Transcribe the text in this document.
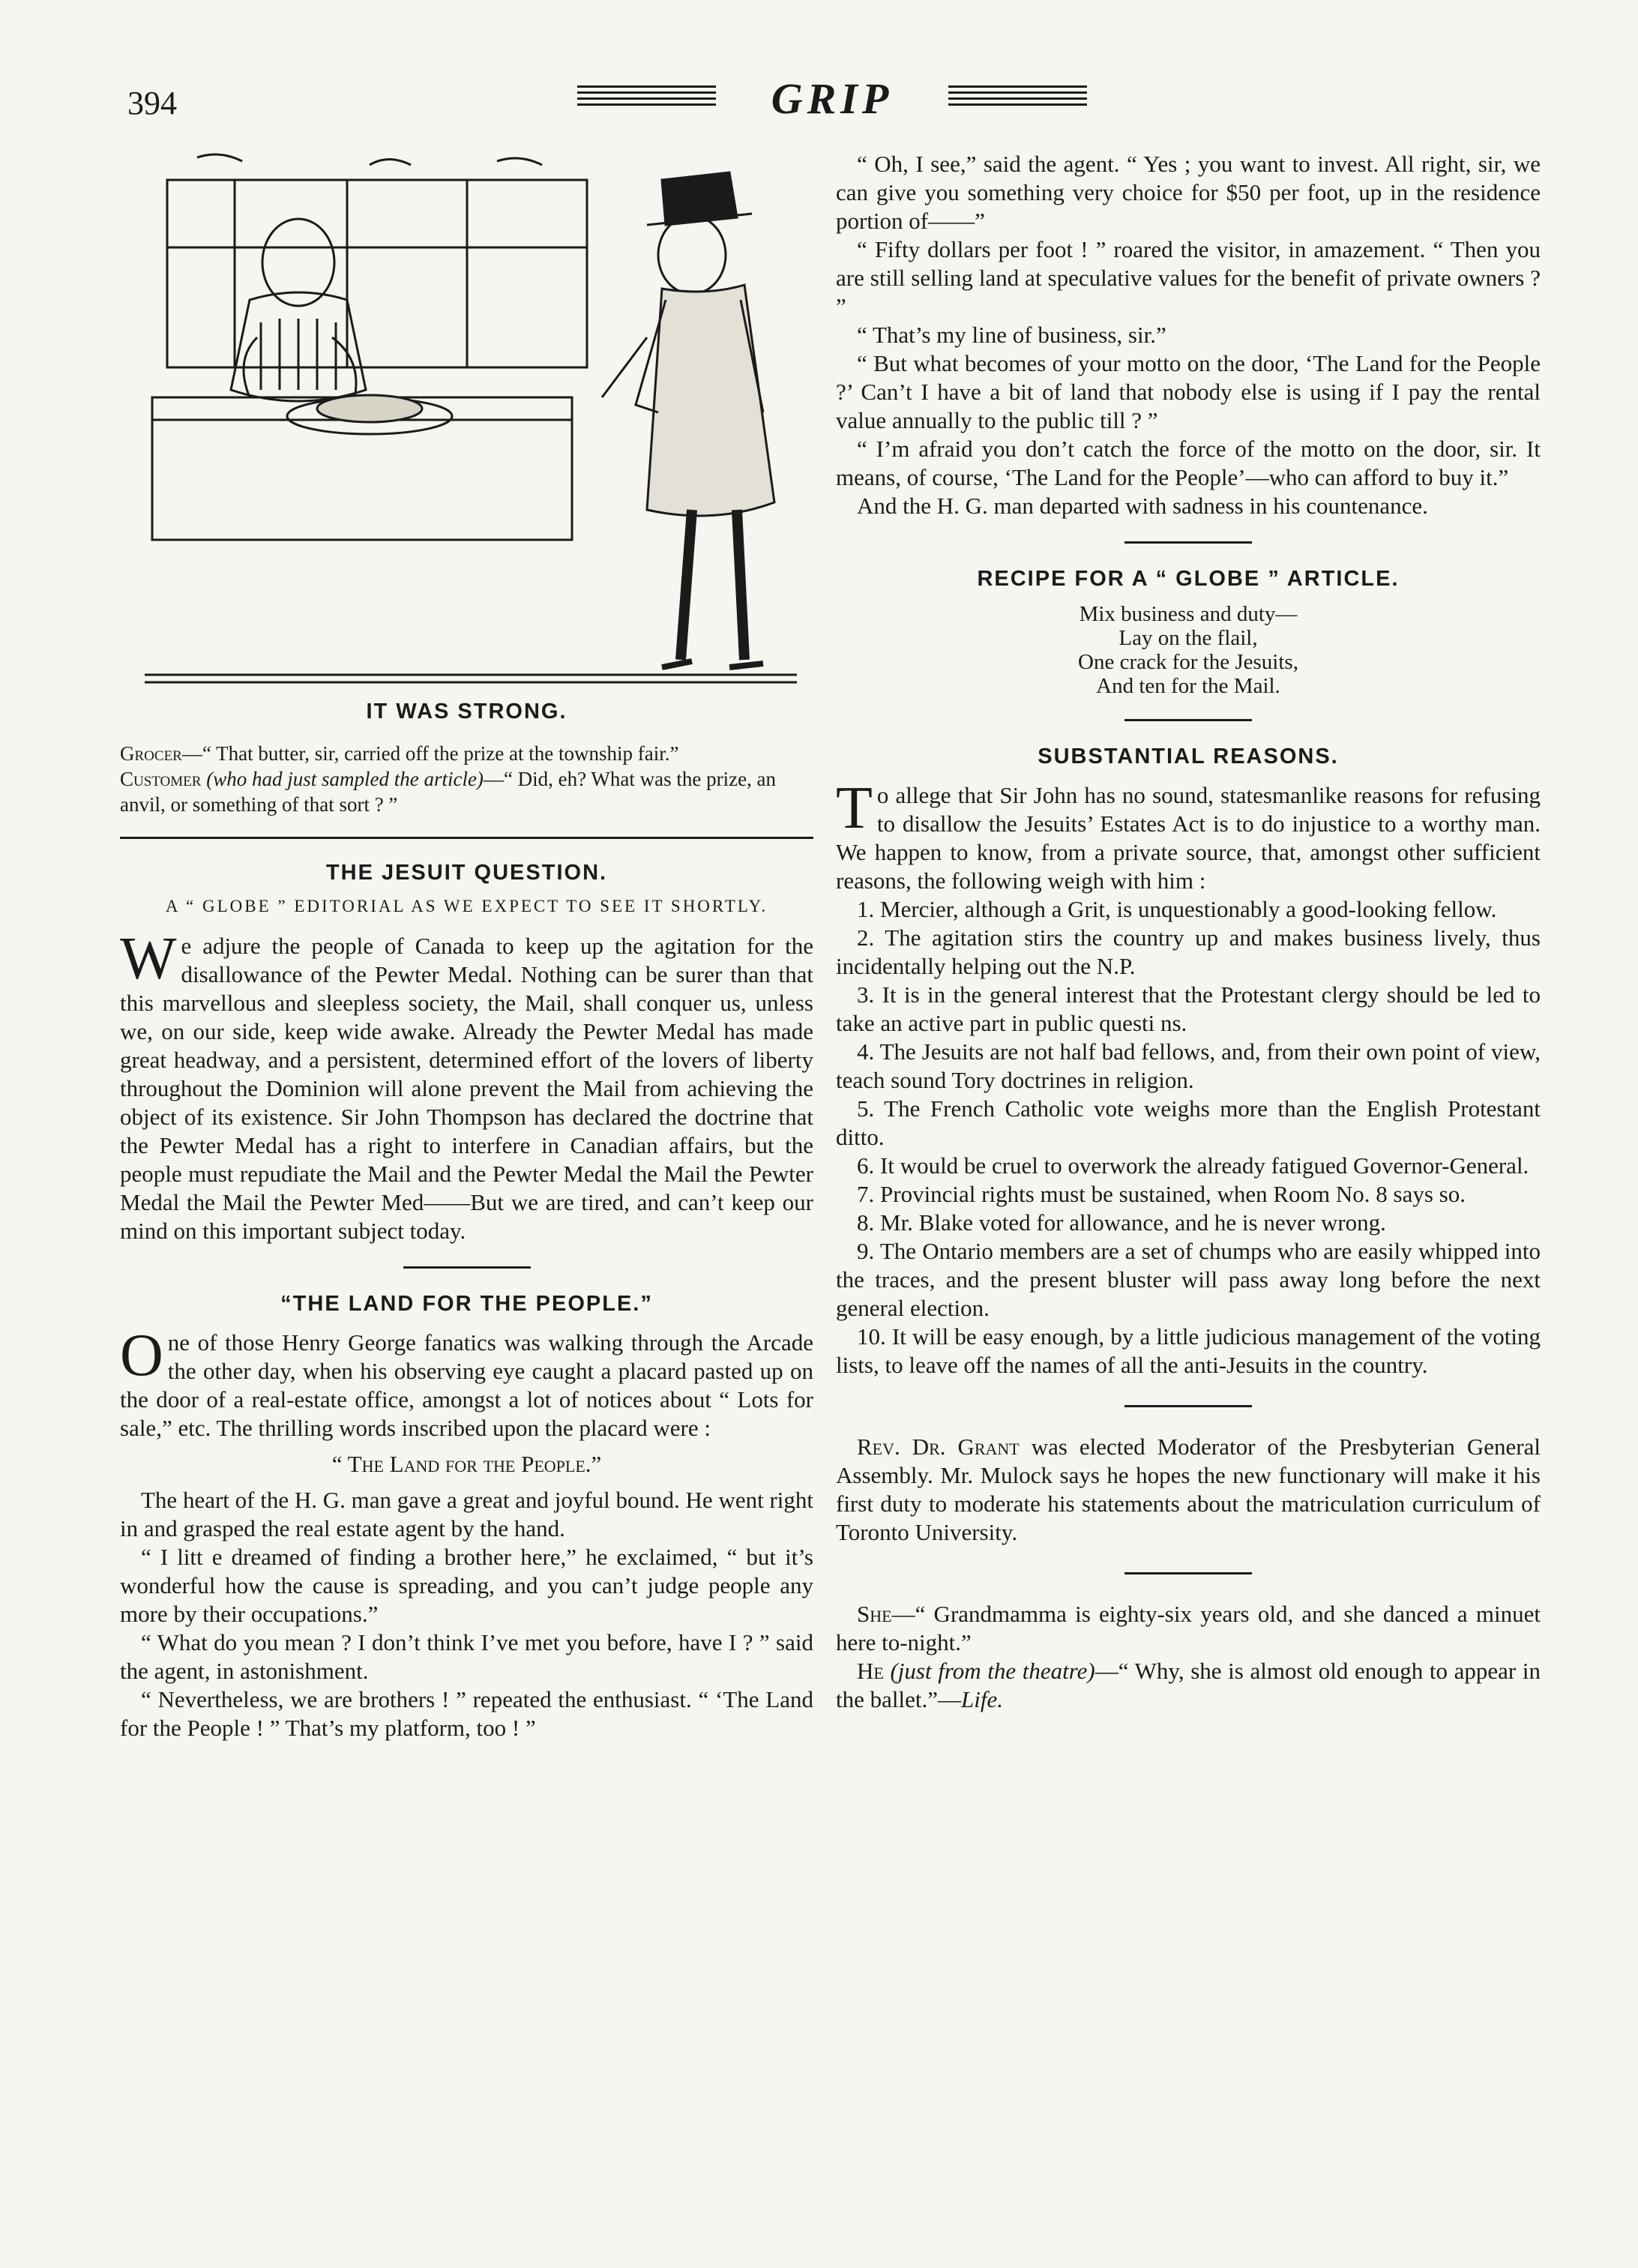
394	GRIP

IT WAS STRONG.

Grocer—“ That butter, sir, carried off the prize at the township fair.”

Customer (who had just sampled the article)—“ Did, eh? What was the prize, an anvil, or something of that sort ? ”

THE JESUIT QUESTION.

A “ GLOBE ” EDITORIAL AS WE EXPECT TO SEE IT SHORTLY.

We adjure the people of Canada to keep up the agitation for the disallowance of the Pewter Medal. Nothing can be surer than that this marvellous and sleepless society, the Mail, shall conquer us, unless we, on our side, keep wide awake. Already the Pewter Medal has made great headway, and a persistent, determined effort of the lovers of liberty throughout the Dominion will alone prevent the Mail from achieving the object of its existence. Sir John Thompson has declared the doctrine that the Pewter Medal has a right to interfere in Canadian affairs, but the people must repudiate the Mail and the Pewter Medal the Mail the Pewter Medal the Mail the Pewter Med——But we are tired, and can’t keep our mind on this important subject today.

“THE LAND FOR THE PEOPLE.”

One of those Henry George fanatics was walking through the Arcade the other day, when his observing eye caught a placard pasted up on the door of a real-estate office, amongst a lot of notices about “ Lots for sale,” etc. The thrilling words inscribed upon the placard were :

“ The Land for the People.”

The heart of the H. G. man gave a great and joyful bound. He went right in and grasped the real estate agent by the hand.

“ I litt e dreamed of finding a brother here,” he exclaimed, “ but it’s wonderful how the cause is spreading, and you can’t judge people any more by their occupations.”

“ What do you mean ? I don’t think I’ve met you before, have I ? ” said the agent, in astonishment.

“ Nevertheless, we are brothers ! ” repeated the enthusiast. “ ‘The Land for the People ! ” That’s my platform, too ! ”

“ Oh, I see,” said the agent. “ Yes ; you want to invest. All right, sir, we can give you something very choice for $50 per foot, up in the residence portion of——”

“ Fifty dollars per foot ! ” roared the visitor, in amazement. “ Then you are still selling land at speculative values for the benefit of private owners ? ”

“ That’s my line of business, sir.”

“ But what becomes of your motto on the door, ‘The Land for the People ?’ Can’t I have a bit of land that nobody else is using if I pay the rental value annually to the public till ? ”

“ I’m afraid you don’t catch the force of the motto on the door, sir. It means, of course, ‘The Land for the People’—who can afford to buy it.”

And the H. G. man departed with sadness in his countenance.

RECIPE FOR A “ GLOBE ” ARTICLE.

Mix business and duty—

Lay on the flail,

One crack for the Jesuits,

And ten for the Mail.

SUBSTANTIAL REASONS.

To allege that Sir John has no sound, statesmanlike reasons for refusing to disallow the Jesuits’ Estates Act is to do injustice to a worthy man. We happen to know, from a private source, that, amongst other sufficient reasons, the following weigh with him :

1. Mercier, although a Grit, is unquestionably a good-looking fellow.

2. The agitation stirs the country up and makes business lively, thus incidentally helping out the N.P.

3. It is in the general interest that the Protestant clergy should be led to take an active part in public questi ns.

4. The Jesuits are not half bad fellows, and, from their own point of view, teach sound Tory doctrines in religion.

5. The French Catholic vote weighs more than the English Protestant ditto.

6. It would be cruel to overwork the already fatigued Governor-General.

7. Provincial rights must be sustained, when Room No. 8 says so.

8. Mr. Blake voted for allowance, and he is never wrong.

9. The Ontario members are a set of chumps who are easily whipped into the traces, and the present bluster will pass away long before the next general election.

10. It will be easy enough, by a little judicious management of the voting lists, to leave off the names of all the anti-Jesuits in the country.

Rev. Dr. Grant was elected Moderator of the Presbyterian General Assembly. Mr. Mulock says he hopes the new functionary will make it his first duty to moderate his statements about the matriculation curriculum of Toronto University.

She—“ Grandmamma is eighty-six years old, and she danced a minuet here to-night.”

He (just from the theatre)—“ Why, she is almost old enough to appear in the ballet.”—Life.
